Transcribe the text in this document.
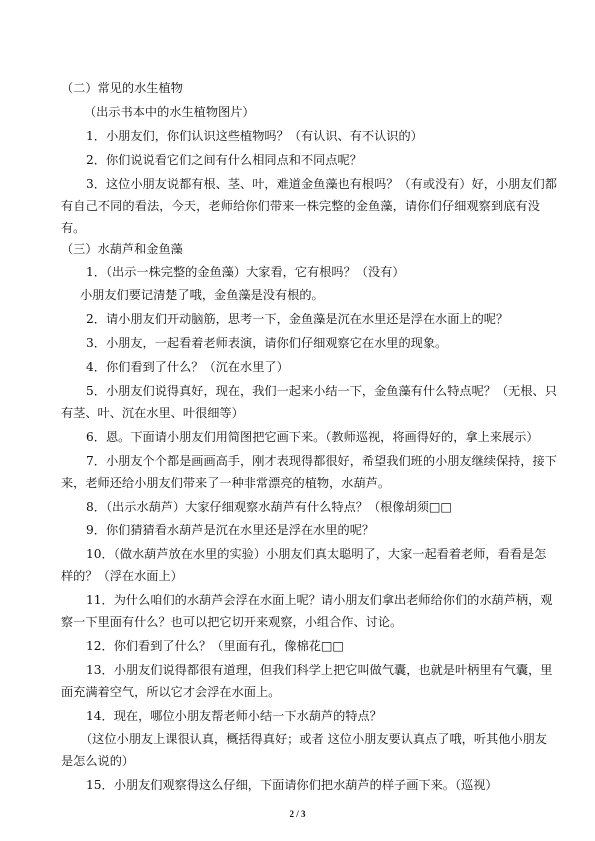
（二）常见的水生植物
（出示书本中的水生植物图片）
1．小朋友们，你们认识这些植物吗？（有认识、有不认识的）
2．你们说说看它们之间有什么相同点和不同点呢？
3．这位小朋友说都有根、茎、叶，难道金鱼藻也有根吗？（有或没有）好，小朋友们都
有自己不同的看法，今天，老师给你们带来一株完整的金鱼藻，请你们仔细观察到底有没
有。
（三）水葫芦和金鱼藻
1．（出示一株完整的金鱼藻）大家看，它有根吗？（没有）
小朋友们要记清楚了哦，金鱼藻是没有根的。
2．请小朋友们开动脑筋，思考一下，金鱼藻是沉在水里还是浮在水面上的呢？
3．小朋友，一起看着老师表演，请你们仔细观察它在水里的现象。
4．你们看到了什么？（沉在水里了）
5．小朋友们说得真好，现在，我们一起来小结一下，金鱼藻有什么特点呢？（无根、只
有茎、叶、沉在水里、叶很细等）
6．恩。下面请小朋友们用简图把它画下来。（教师巡视，将画得好的，拿上来展示）
7．小朋友个个都是画画高手，刚才表现得都很好，希望我们班的小朋友继续保持，接下
来，老师还给小朋友们带来了一种非常漂亮的植物，水葫芦。
8．（出示水葫芦）大家仔细观察水葫芦有什么特点？（根像胡须□□
9．你们猜猜看水葫芦是沉在水里还是浮在水里的呢？
10．（做水葫芦放在水里的实验）小朋友们真太聪明了，大家一起看着老师，看看是怎
样的？（浮在水面上）
11．为什么咱们的水葫芦会浮在水面上呢？请小朋友们拿出老师给你们的水葫芦柄，观
察一下里面有什么？也可以把它切开来观察，小组合作、讨论。
12．你们看到了什么？（里面有孔，像棉花□□
13．小朋友们说得都很有道理，但我们科学上把它叫做气囊，也就是叶柄里有气囊，里
面充满着空气，所以它才会浮在水面上。
14．现在，哪位小朋友帮老师小结一下水葫芦的特点？
（这位小朋友上课很认真，概括得真好；或者 这位小朋友要认真点了哦，听其他小朋友
是怎么说的）
15．小朋友们观察得这么仔细，下面请你们把水葫芦的样子画下来。（巡视）
2 / 3
